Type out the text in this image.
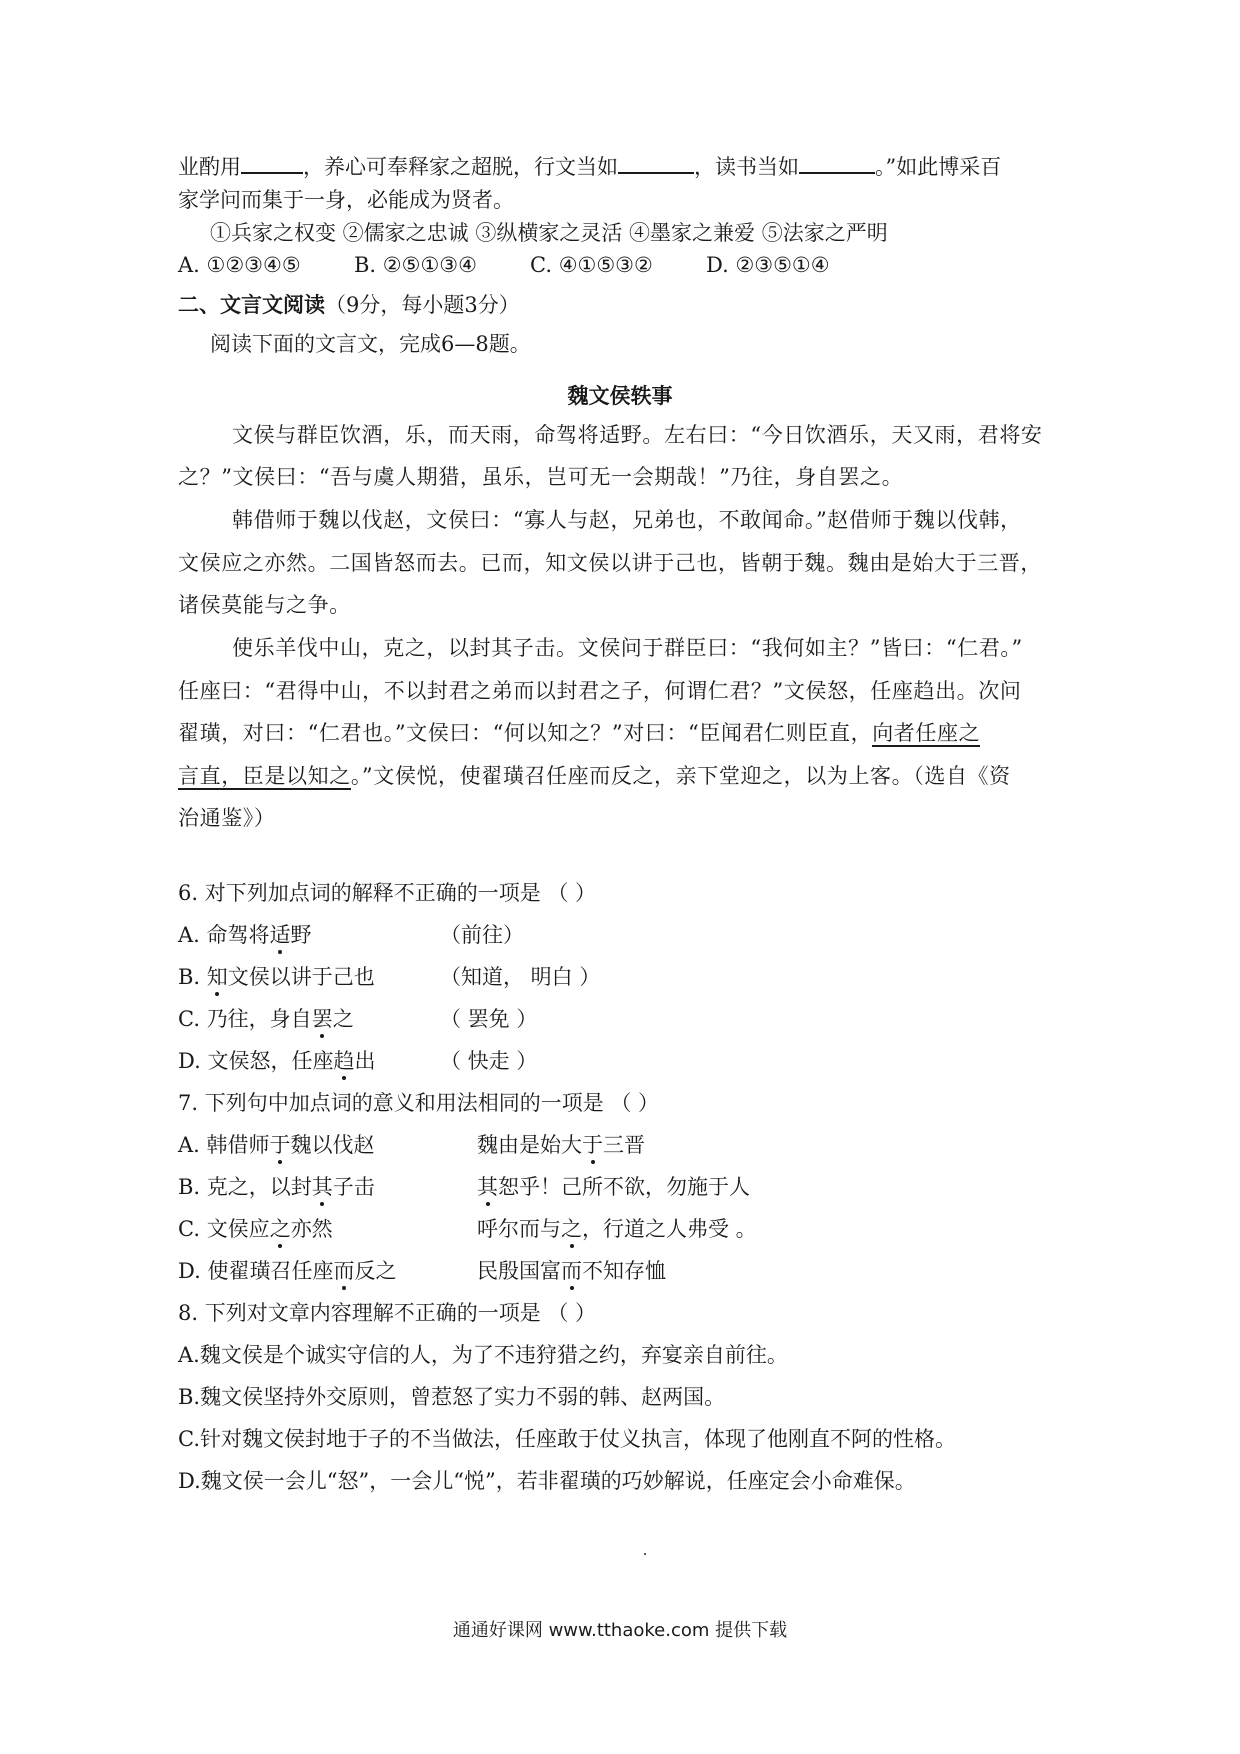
业酌用	，养心可奉释家之超脱，行文当如	，读书当如	。”如此博采百
家学问而集于一身，必能成为贤者。
①兵家之权变 ②儒家之忠诚 ③纵横家之灵活 ④墨家之兼爱 ⑤法家之严明
A. ①②③④⑤	B. ②⑤①③④	C. ④①⑤③②	D. ②③⑤①④
二、文言文阅读（9分，每小题3分）
阅读下面的文言文，完成6—8题。
魏文侯轶事
文侯与群臣饮酒，乐，而天雨，命驾将适野。左右曰：“今日饮酒乐，天又雨，君将安
之？”文侯曰：“吾与虞人期猎，虽乐，岂可无一会期哉！”乃往，身自罢之。
韩借师于魏以伐赵，文侯曰：“寡人与赵，兄弟也，不敢闻命。”赵借师于魏以伐韩，
文侯应之亦然。二国皆怒而去。已而，知文侯以讲于己也，皆朝于魏。魏由是始大于三晋，
诸侯莫能与之争。
使乐羊伐中山，克之，以封其子击。文侯问于群臣曰：“我何如主？”皆曰：“仁君。”
任座曰：“君得中山，不以封君之弟而以封君之子，何谓仁君？”文侯怒，任座趋出。次问
翟璜，对曰：“仁君也。”文侯曰：“何以知之？”对曰：“臣闻君仁则臣直，向者任座之
言直，臣是以知之。”文侯悦，使翟璜召任座而反之，亲下堂迎之，以为上客。（选自《资
治通鉴》）
6. 对下列加点词的解释不正确的一项是 （ ）
A. 命驾将适野	（前往）
B. 知文侯以讲于己也	（知道， 明白 ）
C. 乃往，身自罢之	（ 罢免 ）
D. 文侯怒，任座趋出	（ 快走 ）
7. 下列句中加点词的意义和用法相同的一项是 （ ）
A. 韩借师于魏以伐赵	魏由是始大于三晋
B. 克之，以封其子击	其恕乎！己所不欲，勿施于人
C. 文侯应之亦然	呼尔而与之，行道之人弗受 。
D. 使翟璜召任座而反之	民殷国富而不知存恤
8. 下列对文章内容理解不正确的一项是 （ ）
A.魏文侯是个诚实守信的人，为了不违狩猎之约，弃宴亲自前往。
B.魏文侯坚持外交原则，曾惹怒了实力不弱的韩、赵两国。
C.针对魏文侯封地于子的不当做法，任座敢于仗义执言，体现了他刚直不阿的性格。
D.魏文侯一会儿“怒”，一会儿“悦”，若非翟璜的巧妙解说，任座定会小命难保。
通通好课网 www.tthaoke.com 提供下载
